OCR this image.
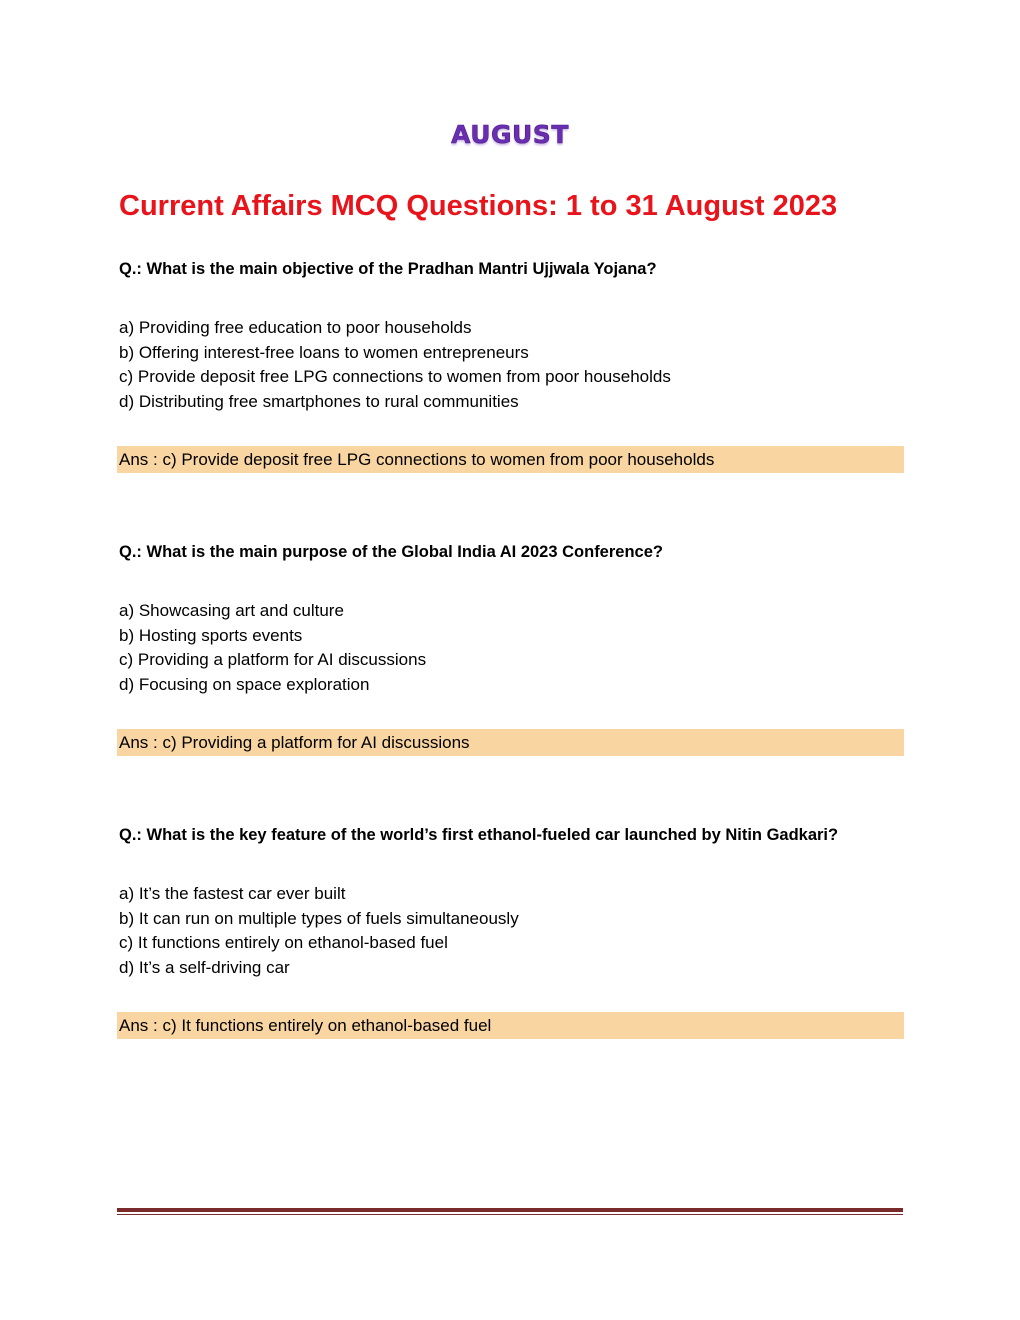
AUGUST
Current Affairs MCQ Questions: 1 to 31 August 2023

Q.: What is the main objective of the Pradhan Mantri Ujjwala Yojana?

a) Providing free education to poor households
b) Offering interest-free loans to women entrepreneurs
c) Provide deposit free LPG connections to women from poor households
d) Distributing free smartphones to rural communities
Ans : c) Provide deposit free LPG connections to women from poor households

Q.: What is the main purpose of the Global India AI 2023 Conference?

a) Showcasing art and culture
b) Hosting sports events
c) Providing a platform for AI discussions
d) Focusing on space exploration
Ans : c) Providing a platform for AI discussions

Q.: What is the key feature of the world’s first ethanol-fueled car launched by Nitin Gadkari?

a) It’s the fastest car ever built
b) It can run on multiple types of fuels simultaneously
c) It functions entirely on ethanol-based fuel
d) It’s a self-driving car
Ans : c) It functions entirely on ethanol-based fuel
